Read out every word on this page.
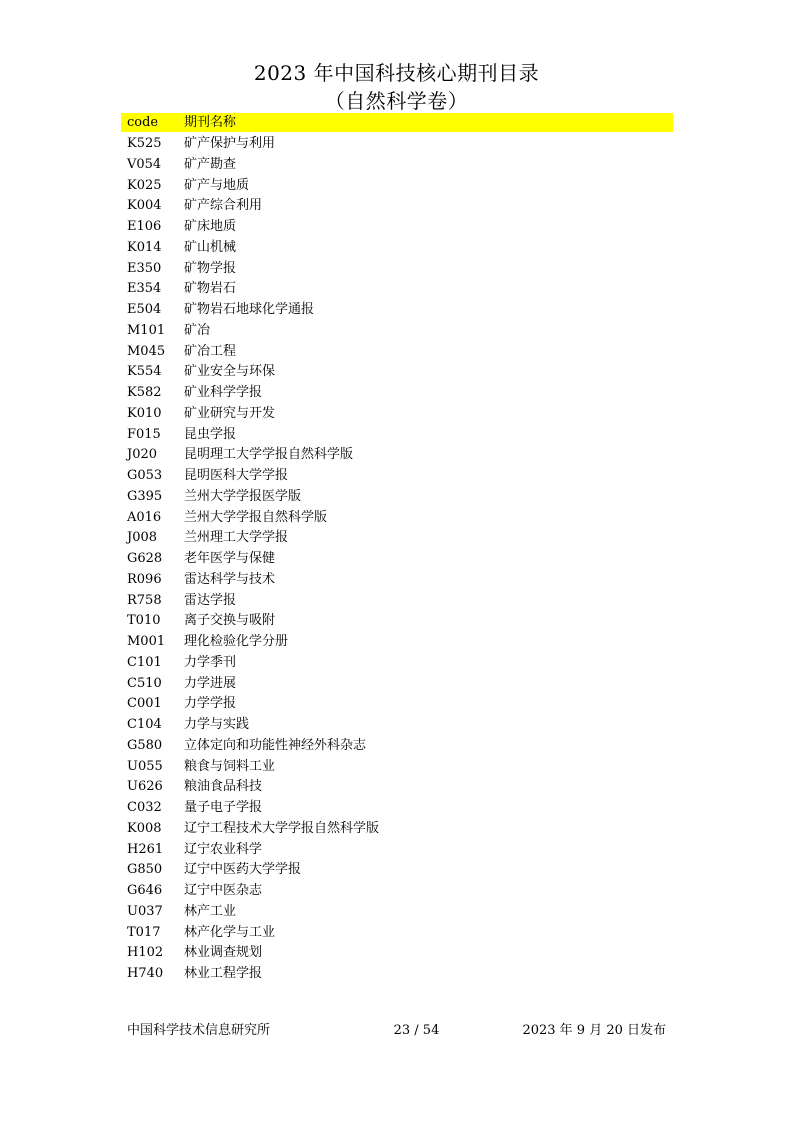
2023 年中国科技核心期刊目录
（自然科学卷）
code 期刊名称
K525 矿产保护与利用
V054 矿产勘查
K025 矿产与地质
K004 矿产综合利用
E106 矿床地质
K014 矿山机械
E350 矿物学报
E354 矿物岩石
E504 矿物岩石地球化学通报
M101 矿冶
M045 矿冶工程
K554 矿业安全与环保
K582 矿业科学学报
K010 矿业研究与开发
F015 昆虫学报
J020 昆明理工大学学报自然科学版
G053 昆明医科大学学报
G395 兰州大学学报医学版
A016 兰州大学学报自然科学版
J008 兰州理工大学学报
G628 老年医学与保健
R096 雷达科学与技术
R758 雷达学报
T010 离子交换与吸附
M001 理化检验化学分册
C101 力学季刊
C510 力学进展
C001 力学学报
C104 力学与实践
G580 立体定向和功能性神经外科杂志
U055 粮食与饲料工业
U626 粮油食品科技
C032 量子电子学报
K008 辽宁工程技术大学学报自然科学版
H261 辽宁农业科学
G850 辽宁中医药大学学报
G646 辽宁中医杂志
U037 林产工业
T017 林产化学与工业
H102 林业调查规划
H740 林业工程学报
中国科学技术信息研究所	23 / 54	2023 年 9 月 20 日发布
